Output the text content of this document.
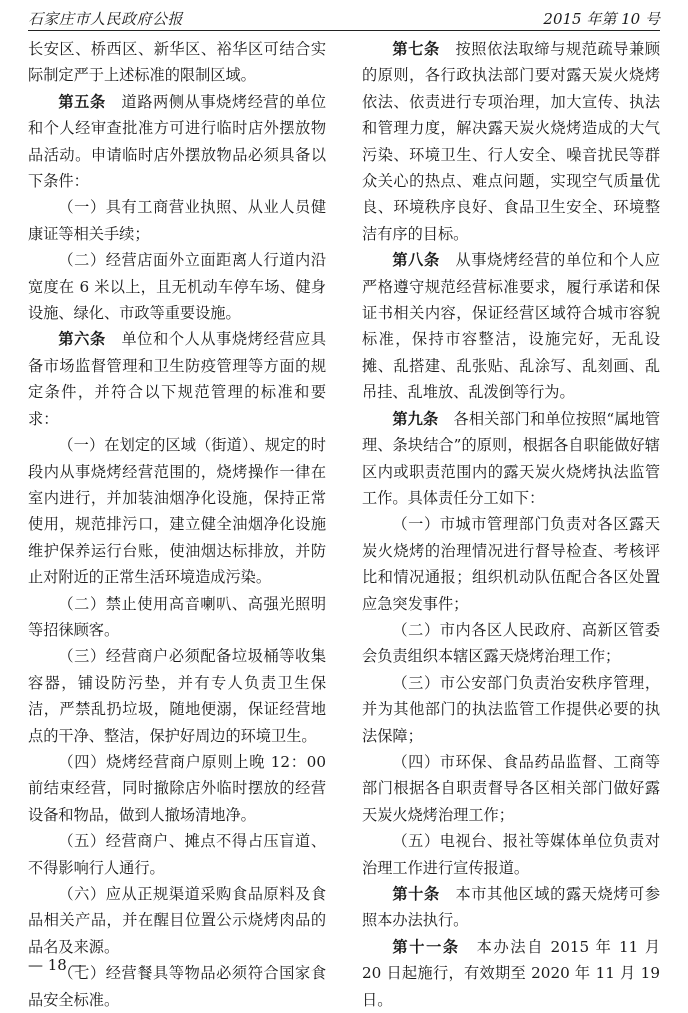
石家庄市人民政府公报	2015 年第 10 号

长安区、桥西区、新华区、裕华区可结合实际制定严于上述标准的限制区域。

第五条　 道路两侧从事烧烤经营的单位和个人经审查批准方可进行临时店外摆放物品活动。申请临时店外摆放物品必须具备以下条件：

（一）具有工商营业执照、从业人员健康证等相关手续；

（二）经营店面外立面距离人行道内沿宽度在 6 米以上，且无机动车停车场、健身设施、绿化、市政等重要设施。

第六条　 单位和个人从事烧烤经营应具备市场监督管理和卫生防疫管理等方面的规定条件，并符合以下规范管理的标准和要求：

（一）在划定的区域（街道）、规定的时段内从事烧烤经营范围的，烧烤操作一律在室内进行，并加装油烟净化设施，保持正常使用，规范排污口，建立健全油烟净化设施维护保养运行台账，使油烟达标排放，并防止对附近的正常生活环境造成污染。

（二）禁止使用高音喇叭、高强光照明等招徕顾客。

（三）经营商户必须配备垃圾桶等收集容器，铺设防污垫，并有专人负责卫生保洁，严禁乱扔垃圾，随地便溺，保证经营地点的干净、整洁，保护好周边的环境卫生。

（四）烧烤经营商户原则上晚 12：00 前结束经营，同时撤除店外临时摆放的经营设备和物品，做到人撤场清地净。

（五）经营商户、摊点不得占压盲道、不得影响行人通行。

（六）应从正规渠道采购食品原料及食品相关产品，并在醒目位置公示烧烤肉品的品名及来源。

（七）经营餐具等物品必须符合国家食品安全标准。

第七条　 按照依法取缔与规范疏导兼顾的原则，各行政执法部门要对露天炭火烧烤依法、依责进行专项治理，加大宣传、执法和管理力度，解决露天炭火烧烤造成的大气污染、环境卫生、行人安全、噪音扰民等群众关心的热点、难点问题，实现空气质量优良、环境秩序良好、食品卫生安全、环境整洁有序的目标。

第八条　 从事烧烤经营的单位和个人应严格遵守规范经营标准要求，履行承诺和保证书相关内容，保证经营区域符合城市容貌标准，保持市容整洁，设施完好，无乱设摊、乱搭建、乱张贴、乱涂写、乱刻画、乱吊挂、乱堆放、乱泼倒等行为。

第九条　 各相关部门和单位按照“属地管理、条块结合”的原则，根据各自职能做好辖区内或职责范围内的露天炭火烧烤执法监管工作。具体责任分工如下：

（一）市城市管理部门负责对各区露天炭火烧烤的治理情况进行督导检查、考核评比和情况通报；组织机动队伍配合各区处置应急突发事件；

（二）市内各区人民政府、高新区管委会负责组织本辖区露天烧烤治理工作；

（三）市公安部门负责治安秩序管理，并为其他部门的执法监管工作提供必要的执法保障；

（四）市环保、食品药品监督、工商等部门根据各自职责督导各区相关部门做好露天炭火烧烤治理工作；

（五）电视台、报社等媒体单位负责对治理工作进行宣传报道。

第十条　 本市其他区域的露天烧烤可参照本办法执行。

第十一条　 本办法自 2015 年 11 月 20 日起施行，有效期至 2020 年 11 月 19 日。

— 18 —
